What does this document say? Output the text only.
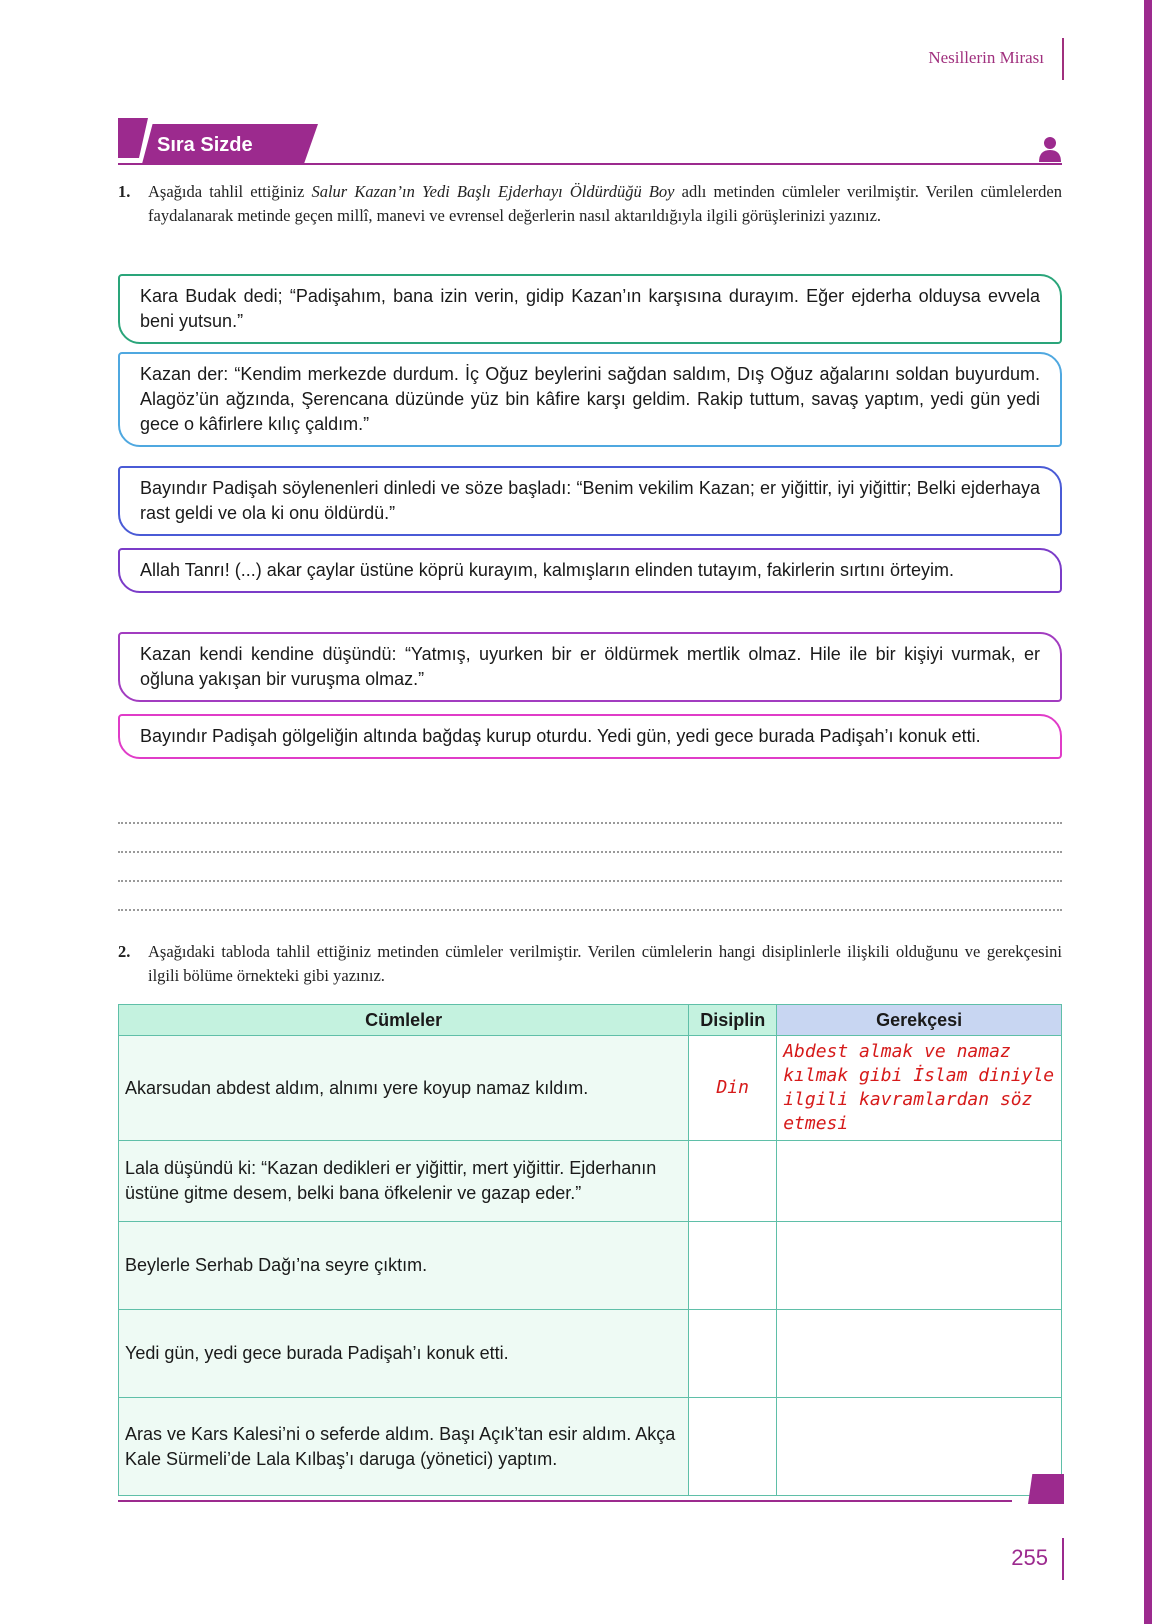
Nesillerin Mirası
Sıra Sizde
1. Aşağıda tahlil ettiğiniz Salur Kazan’ın Yedi Başlı Ejderhayı Öldürdüğü Boy adlı metinden cümleler verilmiştir. Verilen cümlelerden faydalanarak metinde geçen millî, manevi ve evrensel değerlerin nasıl aktarıldığıyla ilgili görüşlerinizi yazınız.
Kara Budak dedi; “Padişahım, bana izin verin, gidip Kazan’ın karşısına durayım. Eğer ejderha olduysa evvela beni yutsun.”
Kazan der: “Kendim merkezde durdum. İç Oğuz beylerini sağdan saldım, Dış Oğuz ağalarını soldan buyurdum. Alagöz’ün ağzında, Şerencana düzünde yüz bin kâfire karşı geldim. Rakip tuttum, savaş yaptım, yedi gün yedi gece o kâfirlere kılıç çaldım.”
Bayındır Padişah söylenenleri dinledi ve söze başladı: “Benim vekilim Kazan; er yiğittir, iyi yiğittir; Belki ejderhaya rast geldi ve ola ki onu öldürdü.”
Allah Tanrı! (...) akar çaylar üstüne köprü kurayım, kalmışların elinden tutayım, fakirlerin sırtını örteyim.
Kazan kendi kendine düşündü: “Yatmış, uyurken bir er öldürmek mertlik olmaz. Hile ile bir kişiyi vurmak, er oğluna yakışan bir vuruşma olmaz.”
Bayındır Padişah gölgeliğin altında bağdaş kurup oturdu. Yedi gün, yedi gece burada Padişah’ı konuk etti.
2. Aşağıdaki tabloda tahlil ettiğiniz metinden cümleler verilmiştir. Verilen cümlelerin hangi disiplinlerle ilişkili olduğunu ve gerekçesini ilgili bölüme örnekteki gibi yazınız.
Cümleler	Disiplin	Gerekçesi
Akarsudan abdest aldım, alnımı yere koyup namaz kıldım.	Din	Abdest almak ve namaz kılmak gibi İslam diniyle ilgili kavramlardan söz etmesi
Lala düşündü ki: “Kazan dedikleri er yiğittir, mert yiğittir. Ejderhanın üstüne gitme desem, belki bana öfkelenir ve gazap eder.”		
Beylerle Serhab Dağı’na seyre çıktım.		
Yedi gün, yedi gece burada Padişah’ı konuk etti.		
Aras ve Kars Kalesi’ni o seferde aldım. Başı Açık’tan esir aldım. Akça Kale Sürmeli’de Lala Kılbaş’ı daruga (yönetici) yaptım.		
255
